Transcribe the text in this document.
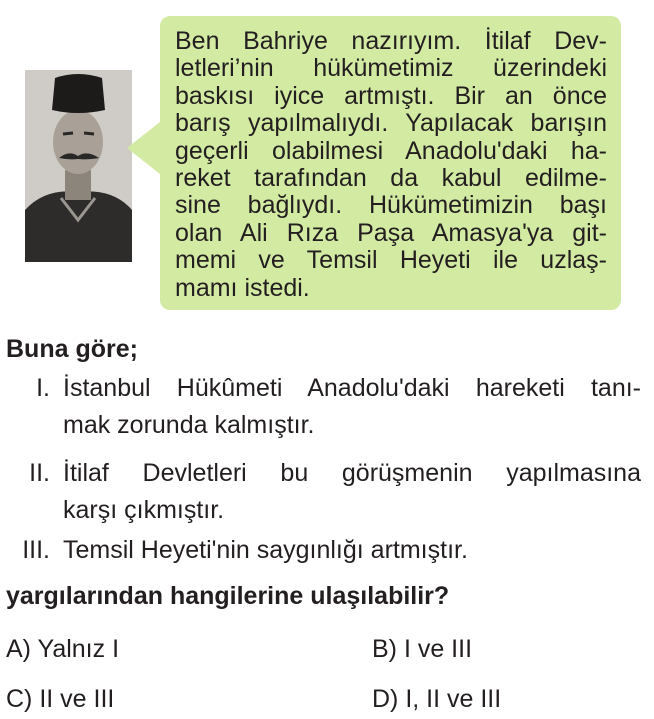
Ben Bahriye nazırıyım. İtilaf Dev-
letleri’nin hükümetimiz üzerindeki
baskısı iyice artmıştı. Bir an önce
barış yapılmalıydı. Yapılacak barışın
geçerli olabilmesi Anadolu'daki ha-
reket tarafından da kabul edilme-
sine bağlıydı. Hükümetimizin başı
olan Ali Rıza Paşa Amasya'ya git-
memi ve Temsil Heyeti ile uzlaş-
mamı istedi.

Buna göre;
I. İstanbul Hükûmeti Anadolu'daki hareketi tanı-
mak zorunda kalmıştır.
II. İtilaf Devletleri bu görüşmenin yapılmasına
karşı çıkmıştır.
III. Temsil Heyeti'nin saygınlığı artmıştır.
yargılarından hangilerine ulaşılabilir?
A) Yalnız I	B) I ve III
C) II ve III	D) I, II ve III
